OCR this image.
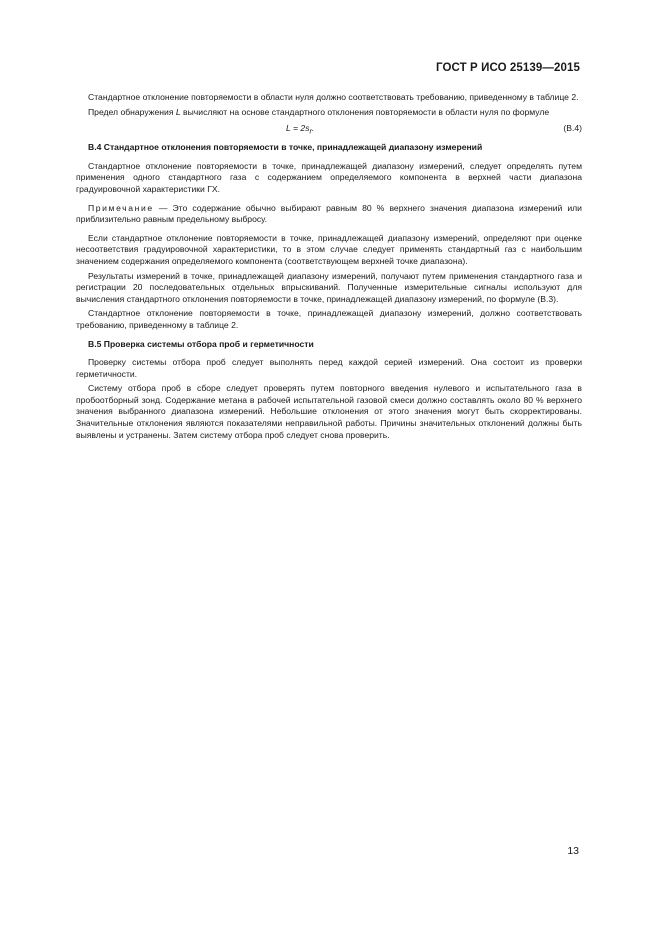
ГОСТ Р ИСО 25139—2015

Стандартное отклонение повторяемости в области нуля должно соответствовать требованию, приведенному в таблице 2.

Предел обнаружения L вычисляют на основе стандартного отклонения повторяемости в области нуля по формуле

$L = 2s_r$.	(B.4)
B.4 Стандартное отклонения повторяемости в точке, принадлежащей диапазону измерений

Стандартное отклонение повторяемости в точке, принадлежащей диапазону измерений, следует определять путем применения одного стандартного газа с содержанием определяемого компонента в верхней части диапазона градуировочной характеристики ГХ.

Примечание — Это содержание обычно выбирают равным 80 % верхнего значения диапазона измерений или приблизительно равным предельному выбросу.

Если стандартное отклонение повторяемости в точке, принадлежащей диапазону измерений, определяют при оценке несоответствия градуировочной характеристики, то в этом случае следует применять стандартный газ с наибольшим значением содержания определяемого компонента (соответствующем верхней точке диапазона).

Результаты измерений в точке, принадлежащей диапазону измерений, получают путем применения стандартного газа и регистрации 20 последовательных отдельных впрыскиваний. Полученные измерительные сигналы используют для вычисления стандартного отклонения повторяемости в точке, принадлежащей диапазону измерений, по формуле (B.3).

Стандартное отклонение повторяемости в точке, принадлежащей диапазону измерений, должно соответствовать требованию, приведенному в таблице 2.

B.5 Проверка системы отбора проб и герметичности

Проверку системы отбора проб следует выполнять перед каждой серией измерений. Она состоит из проверки герметичности.

Систему отбора проб в сборе следует проверять путем повторного введения нулевого и испытательного газа в пробоотборный зонд. Содержание метана в рабочей испытательной газовой смеси должно составлять около 80 % верхнего значения выбранного диапазона измерений. Небольшие отклонения от этого значения могут быть скорректированы. Значительные отклонения являются показателями неправильной работы. Причины значительных отклонений должны быть выявлены и устранены. Затем систему отбора проб следует снова проверить.

13
